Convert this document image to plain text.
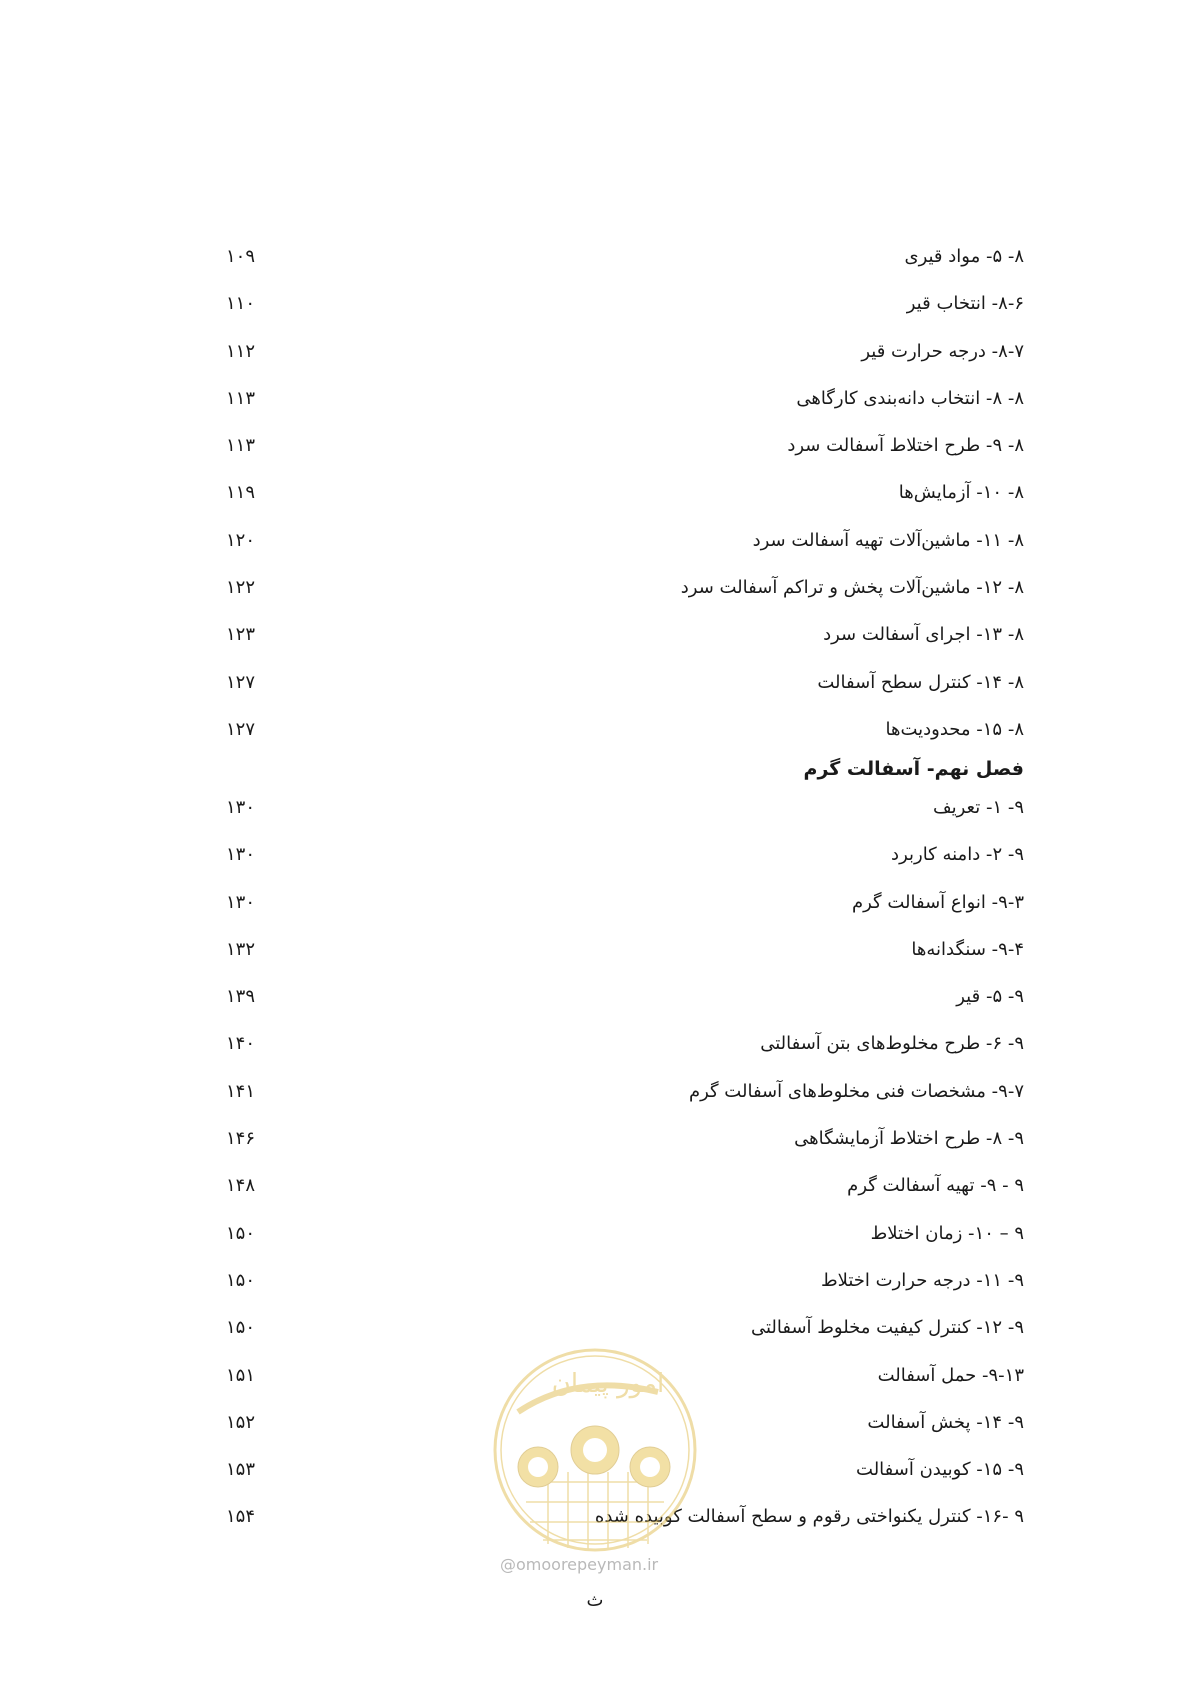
۸- ۵- مواد قیری
۱۰۹
۸-۶- انتخاب قیر
۱۱۰
۸-۷- درجه حرارت قیر
۱۱۲
۸- ۸- انتخاب دانه‌بندی کارگاهی
۱۱۳
۸- ۹- طرح اختلاط آسفالت سرد
۱۱۳
۸- ۱۰- آزمایش‌ها
۱۱۹
۸- ۱۱- ماشین‌آلات تهیه آسفالت سرد
۱۲۰
۸- ۱۲- ماشین‌آلات پخش و تراکم آسفالت سرد
۱۲۲
۸- ۱۳- اجرای آسفالت سرد
۱۲۳
۸- ۱۴- کنترل سطح آسفالت
۱۲۷
۸- ۱۵- محدودیت‌ها
۱۲۷
فصل نهم- آسفالت گرم
۹- ۱- تعریف
۱۳۰
۹- ۲- دامنه کاربرد
۱۳۰
۹-۳- انواع آسفالت گرم
۱۳۰
۹-۴- سنگدانه‌ها
۱۳۲
۹- ۵- قیر
۱۳۹
۹- ۶- طرح مخلوط‌های بتن آسفالتی
۱۴۰
۹-۷- مشخصات فنی مخلوط‌های آسفالت گرم
۱۴۱
۹- ۸- طرح اختلاط آزمایشگاهی
۱۴۶
۹ - ۹- تهیه آسفالت گرم
۱۴۸
۹ – ۱۰- زمان اختلاط
۱۵۰
۹- ۱۱- درجه حرارت اختلاط
۱۵۰
۹- ۱۲- کنترل کیفیت مخلوط آسفالتی
۱۵۰
۹-۱۳- حمل آسفالت
۱۵۱
۹- ۱۴- پخش آسفالت
۱۵۲
۹- ۱۵- کوبیدن آسفالت
۱۵۳
۹ -۱۶- کنترل یکنواختی رقوم و سطح آسفالت کوبیده شده
۱۵۴
امور پیمان
@omoorepeyman.ir
ث
